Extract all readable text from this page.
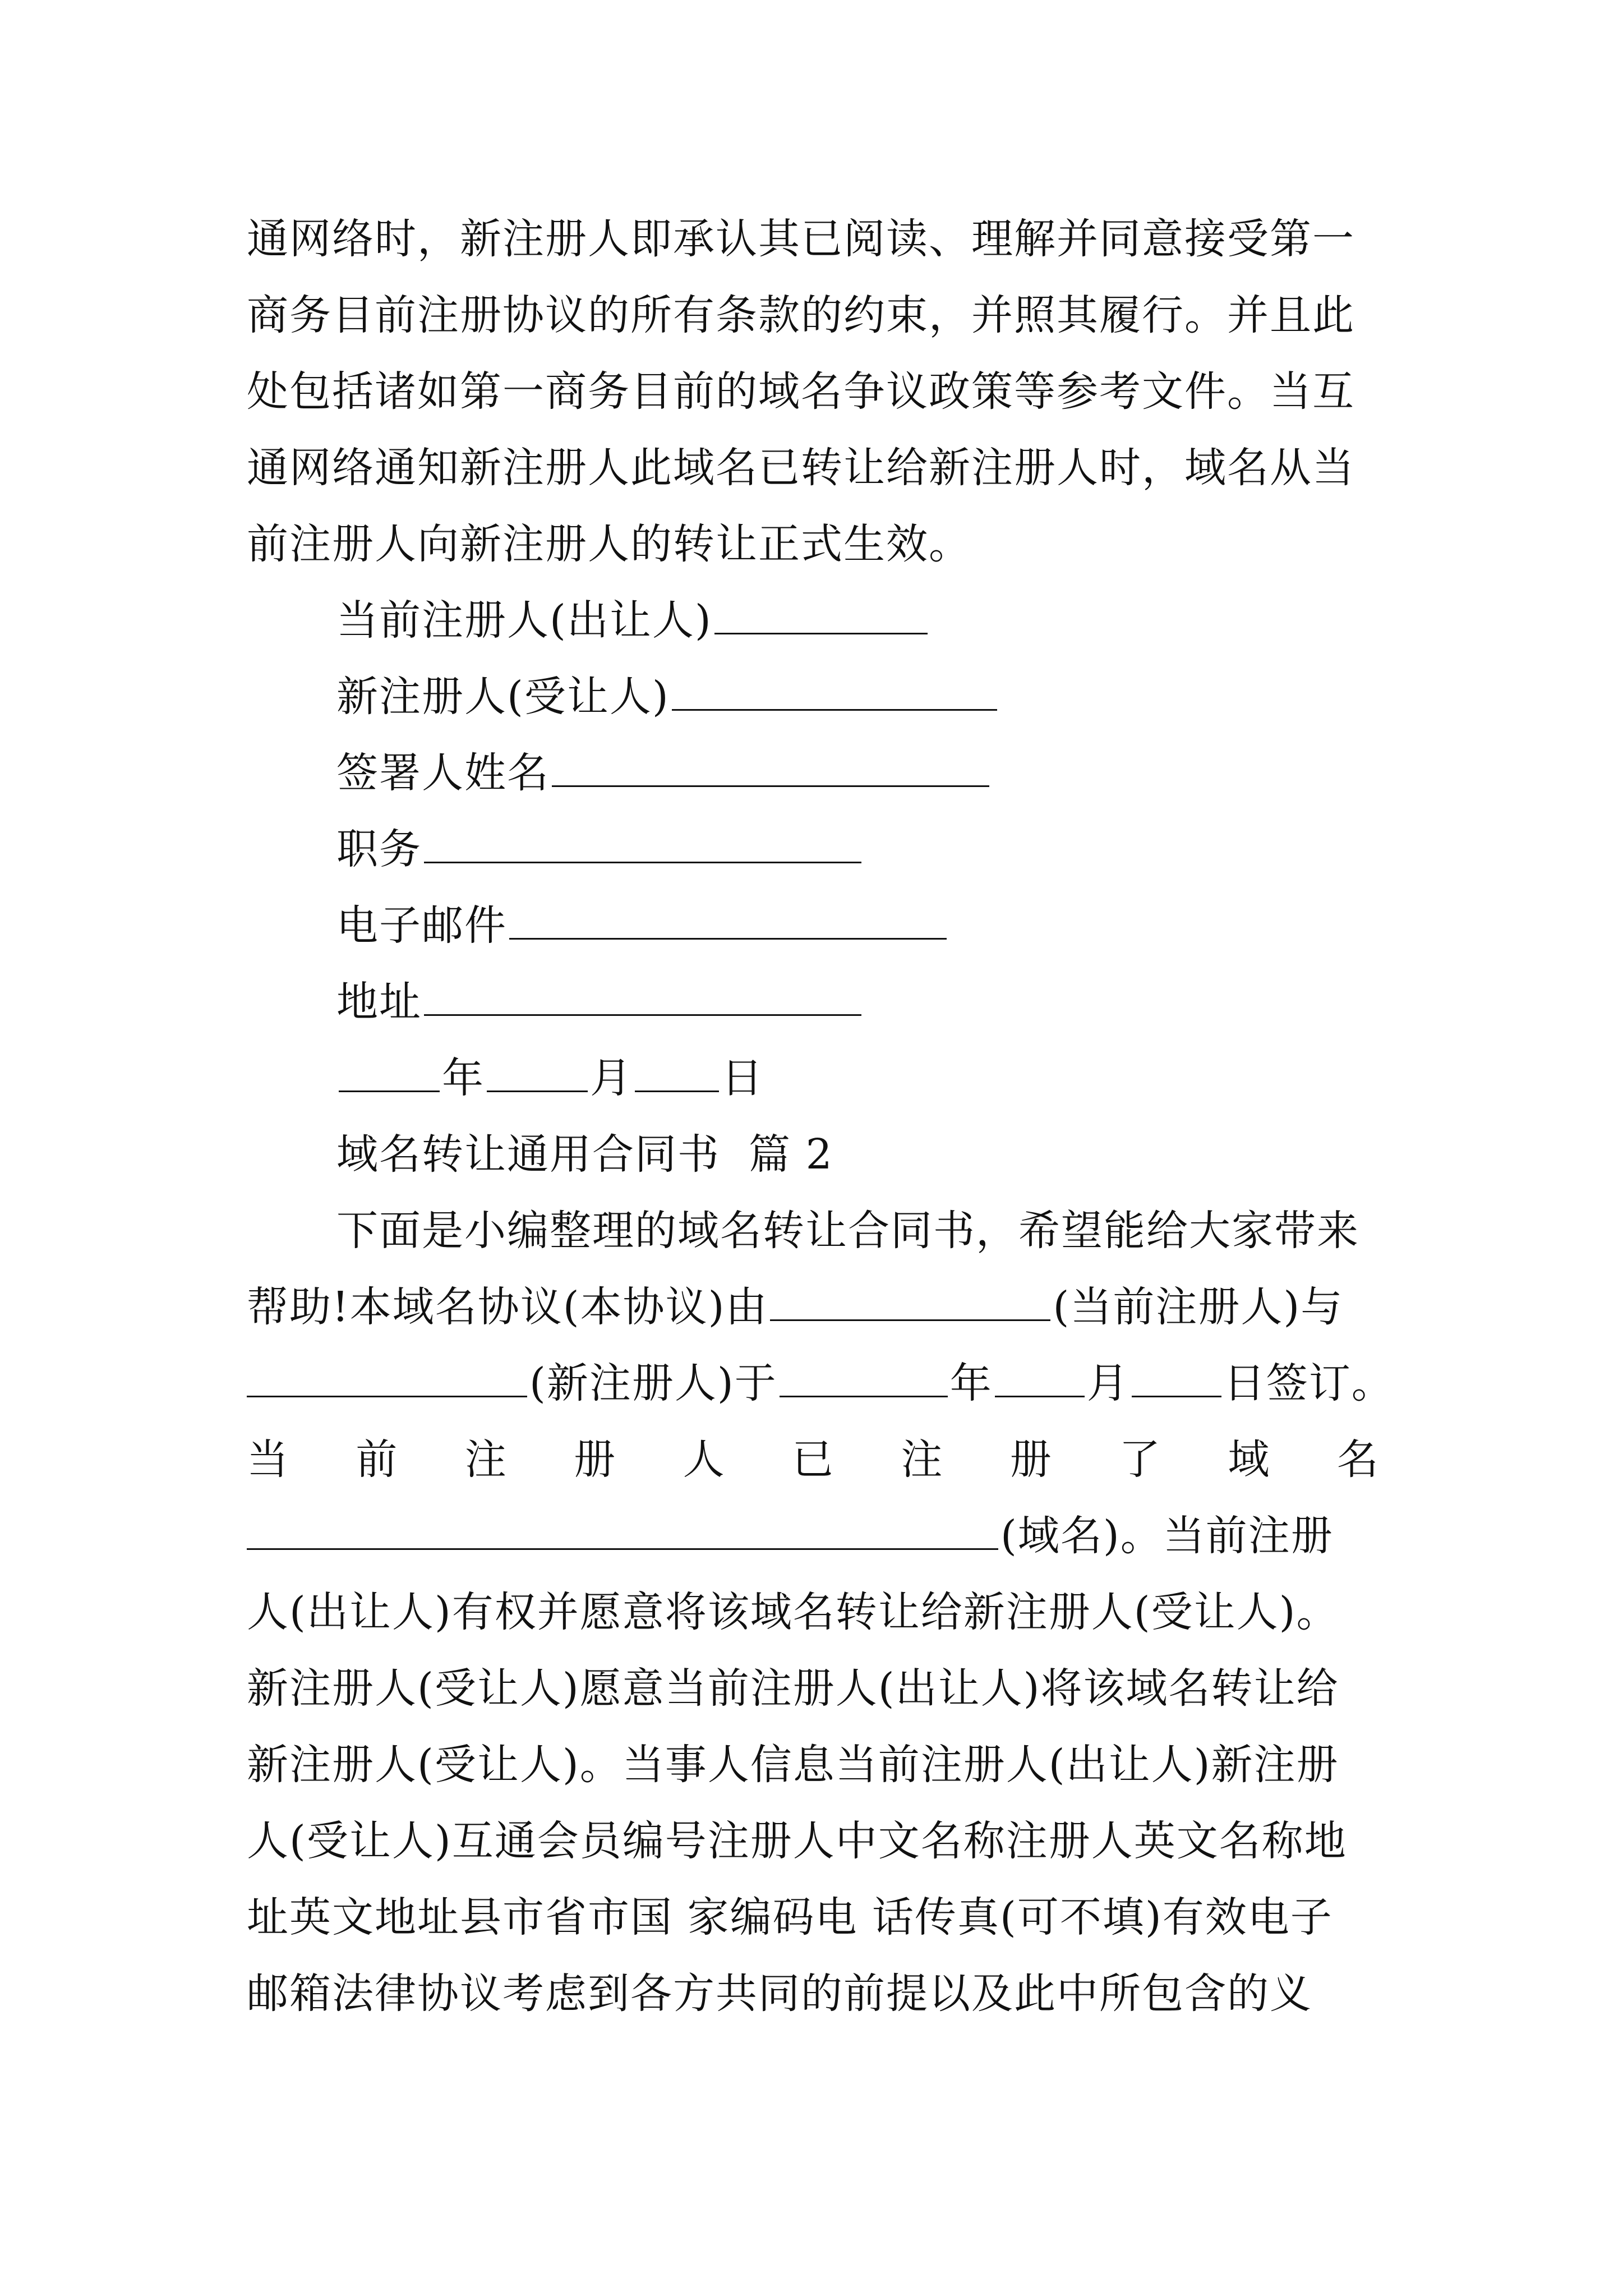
通网络时，新注册人即承认其已阅读、理解并同意接受第一
商务目前注册协议的所有条款的约束，并照其履行。并且此
处包括诸如第一商务目前的域名争议政策等参考文件。当互
通网络通知新注册人此域名已转让给新注册人时，域名从当
前注册人向新注册人的转让正式生效。
当前注册人(出让人)
新注册人(受让人)
签署人姓名
职务
电子邮件
地址
年	月 日
域名转让通用合同书  篇 2
下面是小编整理的域名转让合同书，希望能给大家带来
帮助!本域名协议(本协议)由	(当前注册人)与
(新注册人)于	年 月 日签订。
当 前 注 册 人 已 注 册 了 域 名
(域名)。当前注册
人(出让人)有权并愿意将该域名转让给新注册人(受让人)。
新注册人(受让人)愿意当前注册人(出让人)将该域名转让给
新注册人(受让人)。当事人信息当前注册人(出让人)新注册
人(受让人)互通会员编号注册人中文名称注册人英文名称地
址英文地址县市省市国 家编码电 话传真(可不填)有效电子
邮箱法律协议考虑到各方共同的前提以及此中所包含的义
